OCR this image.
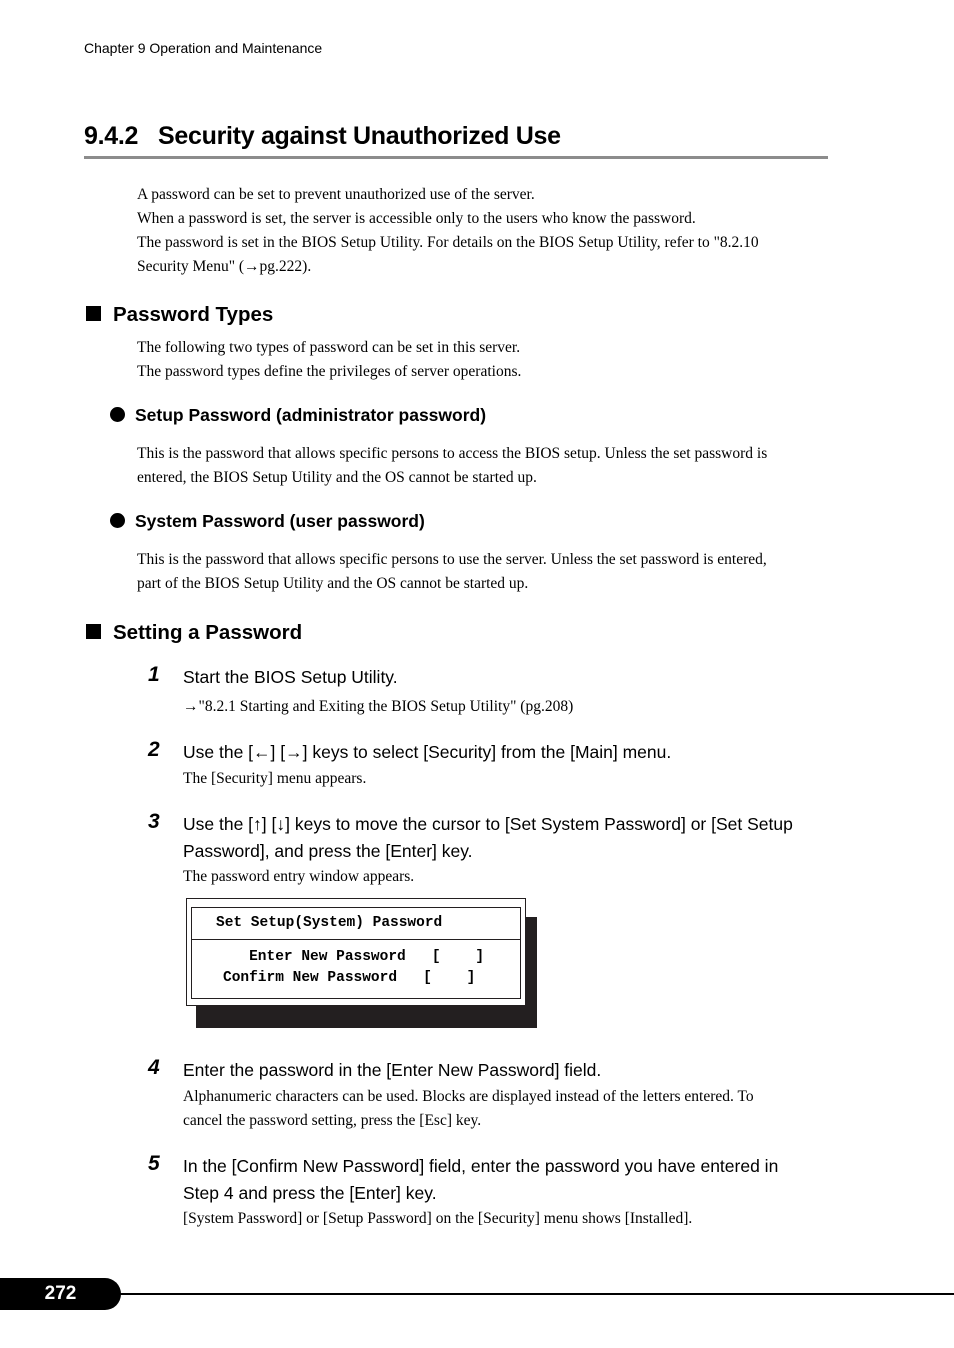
Chapter 9 Operation and Maintenance
9.4.2   Security against Unauthorized Use
A password can be set to prevent unauthorized use of the server.
When a password is set, the server is accessible only to the users who know the password.
The password is set in the BIOS Setup Utility. For details on the BIOS Setup Utility, refer to "8.2.10
Security Menu" (→pg.222).
Password Types
The following two types of password can be set in this server.
The password types define the privileges of server operations.
Setup Password (administrator password)
This is the password that allows specific persons to access the BIOS setup. Unless the set password is
entered, the BIOS Setup Utility and the OS cannot be started up.
System Password (user password)
This is the password that allows specific persons to use the server. Unless the set password is entered,
part of the BIOS Setup Utility and the OS cannot be started up.
Setting a Password
1 Start the BIOS Setup Utility.
→"8.2.1 Starting and Exiting the BIOS Setup Utility" (pg.208)
2 Use the [←] [→] keys to select [Security] from the [Main] menu.
The [Security] menu appears.
3 Use the [↑] [↓] keys to move the cursor to [Set System Password] or [Set Setup
Password], and press the [Enter] key.
The password entry window appears.
Set Setup(System) Password
Enter New Password   [    ]
Confirm New Password   [    ]
4 Enter the password in the [Enter New Password] field.
Alphanumeric characters can be used. Blocks are displayed instead of the letters entered. To
cancel the password setting, press the [Esc] key.
5 In the [Confirm New Password] field, enter the password you have entered in
Step 4 and press the [Enter] key.
[System Password] or [Setup Password] on the [Security] menu shows [Installed].
272
